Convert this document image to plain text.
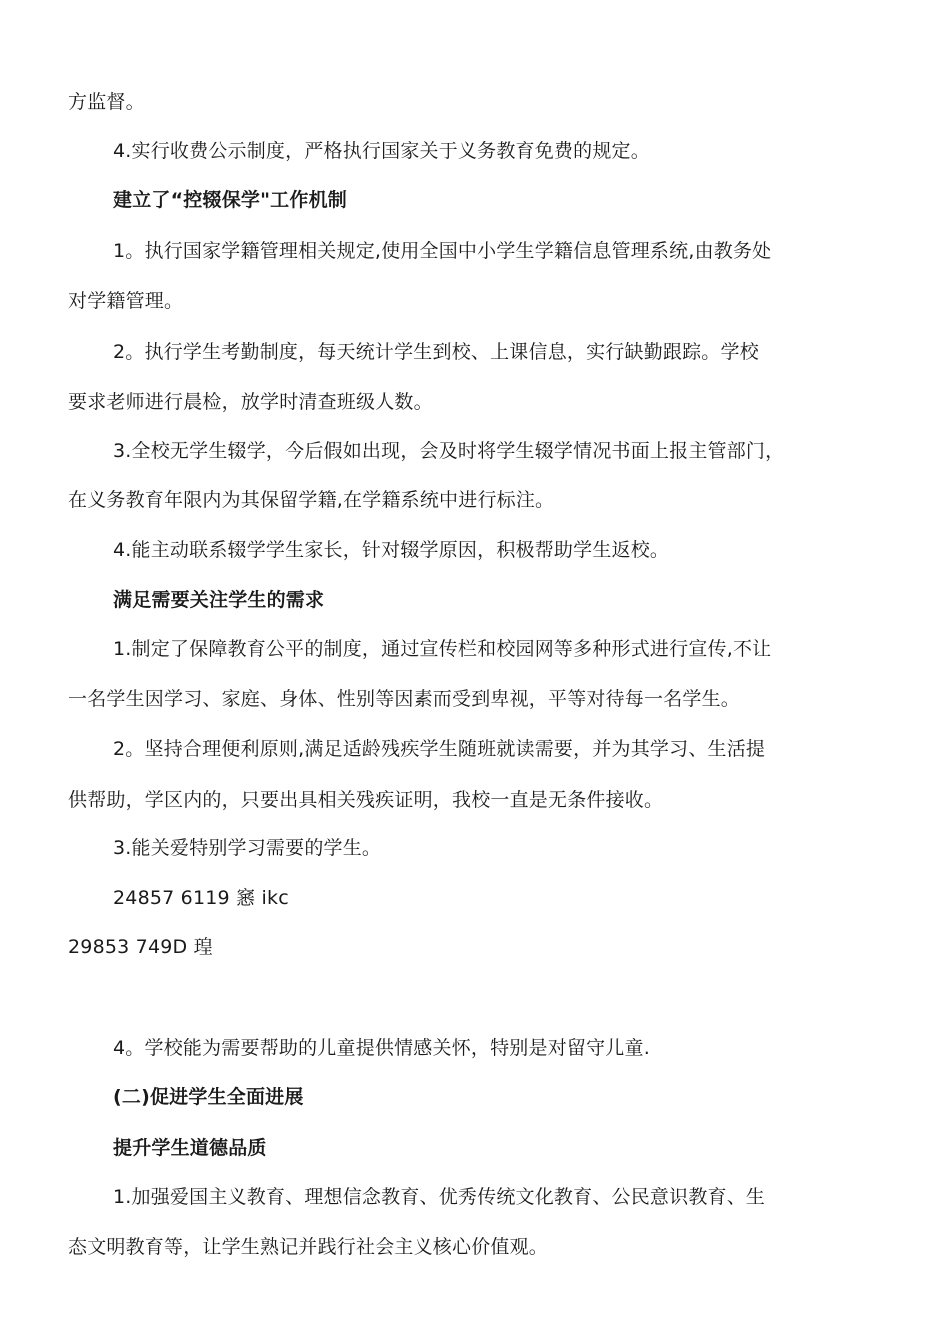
方监督。
4.实行收费公示制度，严格执行国家关于义务教育免费的规定。
建立了“控辍保学"工作机制
1。执行国家学籍管理相关规定,使用全国中小学生学籍信息管理系统,由教务处
对学籍管理。
2。执行学生考勤制度，每天统计学生到校、上课信息，实行缺勤跟踪。学校
要求老师进行晨检，放学时清查班级人数。
3.全校无学生辍学，今后假如出现，会及时将学生辍学情况书面上报主管部门，
在义务教育年限内为其保留学籍,在学籍系统中进行标注。
4.能主动联系辍学学生家长，针对辍学原因，积极帮助学生返校。
满足需要关注学生的需求
1.制定了保障教育公平的制度，通过宣传栏和校园网等多种形式进行宣传,不让
一名学生因学习、家庭、身体、性别等因素而受到卑视，平等对待每一名学生。
2。坚持合理便利原则,满足适龄残疾学生随班就读需要，并为其学习、生活提
供帮助，学区内的，只要出具相关残疾证明，我校一直是无条件接收。
3.能关爱特别学习需要的学生。
24857 6119 窸 ikc
29853 749D 瑝
4。学校能为需要帮助的儿童提供情感关怀，特别是对留守儿童.
(二)促进学生全面进展
提升学生道德品质
1.加强爱国主义教育、理想信念教育、优秀传统文化教育、公民意识教育、生
态文明教育等，让学生熟记并践行社会主义核心价值观。
